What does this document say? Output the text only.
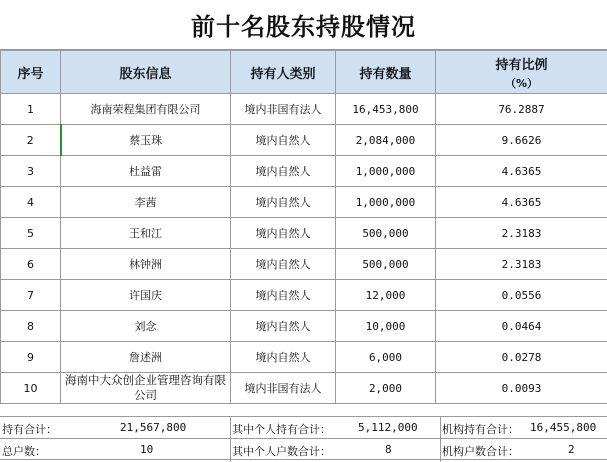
前十名股东持股情况
序号	股东信息	持有人类别	持有数量	持有比例
（%）

1	海南荣程集团有限公司	境内非国有法人	16,453,800	76.2887
2	蔡玉珠	境内自然人	2,084,000	9.6626
3	杜益雷	境内自然人	1,000,000	4.6365
4	李茜	境内自然人	1,000,000	4.6365
5	王和江	境内自然人	500,000	2.3183
6	林钟洲	境内自然人	500,000	2.3183
7	许国庆	境内自然人	12,000	0.0556
8	刘念	境内自然人	10,000	0.0464
9	詹述洲	境内自然人	6,000	0.0278
10	海南中大众创企业管理咨询有限公司	境内非国有法人	2,000	0.0093
持有合计：	21,567,800	其中个人持有合计： 5,112,000 机构持有合计： 16,455,800
总户数：	10	其中个人户数合计：	8	机构户数合计：	2
